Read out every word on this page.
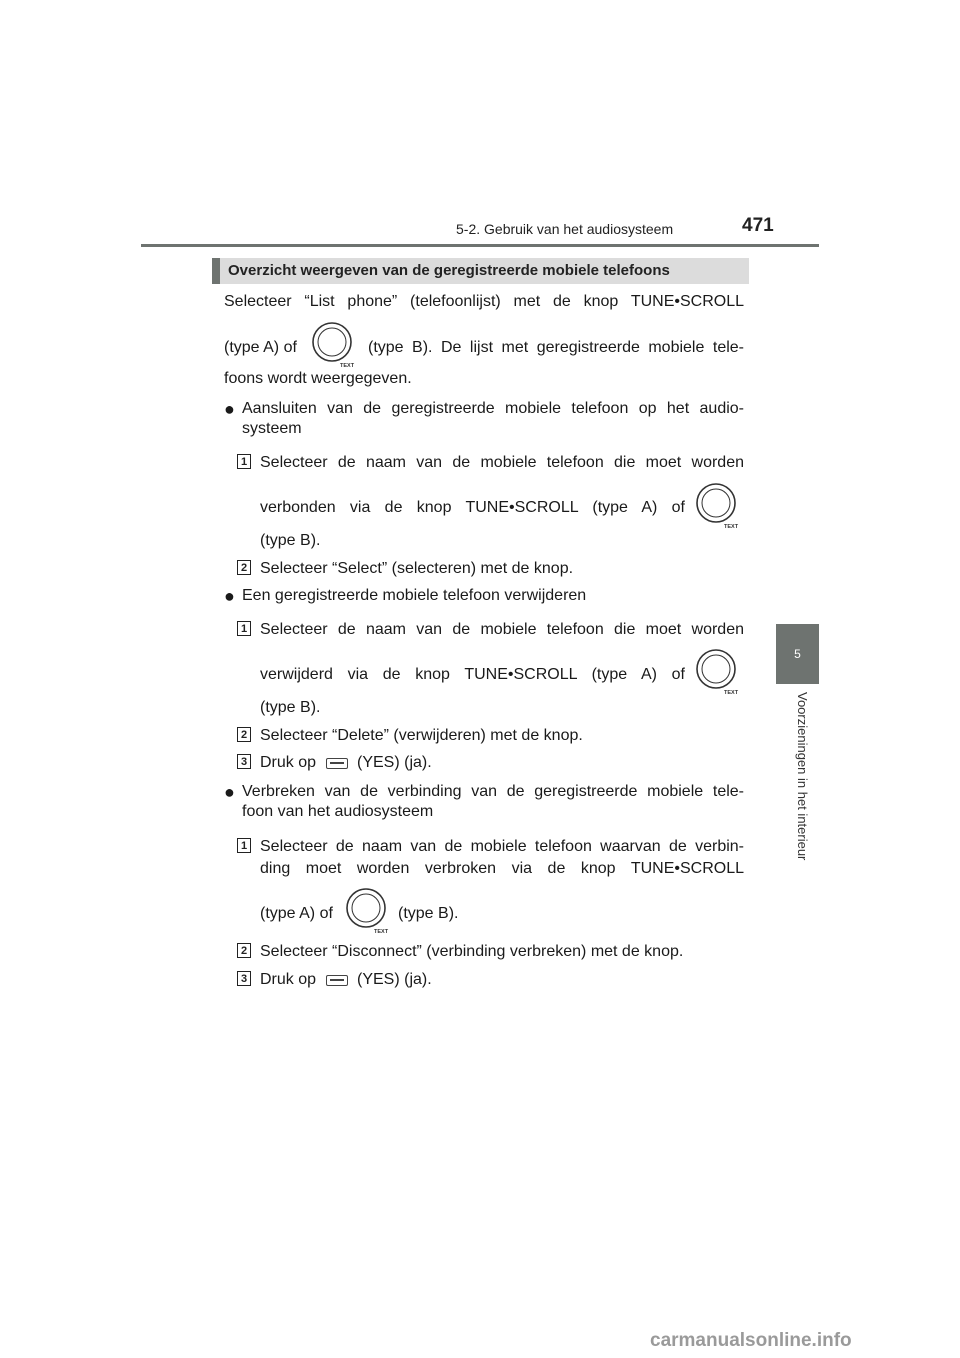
5-2. Gebruik van het audiosysteem	471
5
Voorzieningen in het interieur
Overzicht weergeven van de geregistreerde mobiele telefoons
Selecteer “List phone” (telefoonlijst) met de knop TUNE•SCROLL
(type A) of
TEXT
(type B). De lijst met geregistreerde mobiele tele-
foons wordt weergegeven.
● Aansluiten van de geregistreerde mobiele telefoon op het audio-
systeem
1 Selecteer de naam van de mobiele telefoon die moet worden
verbonden via de knop TUNE•SCROLL (type A) of
TEXT
(type B).
2 Selecteer “Select” (selecteren) met de knop.
● Een geregistreerde mobiele telefoon verwijderen
1 Selecteer de naam van de mobiele telefoon die moet worden
verwijderd via de knop TUNE•SCROLL (type A) of
TEXT
(type B).
2 Selecteer “Delete” (verwijderen) met de knop.
3 Druk op	(YES) (ja).
● Verbreken van de verbinding van de geregistreerde mobiele tele-
foon van het audiosysteem
1 Selecteer de naam van de mobiele telefoon waarvan de verbin-
ding moet worden verbroken via de knop TUNE•SCROLL
(type A) of
TEXT
(type B).
2 Selecteer “Disconnect” (verbinding verbreken) met de knop.
3 Druk op	(YES) (ja).
carmanualsonline.info
